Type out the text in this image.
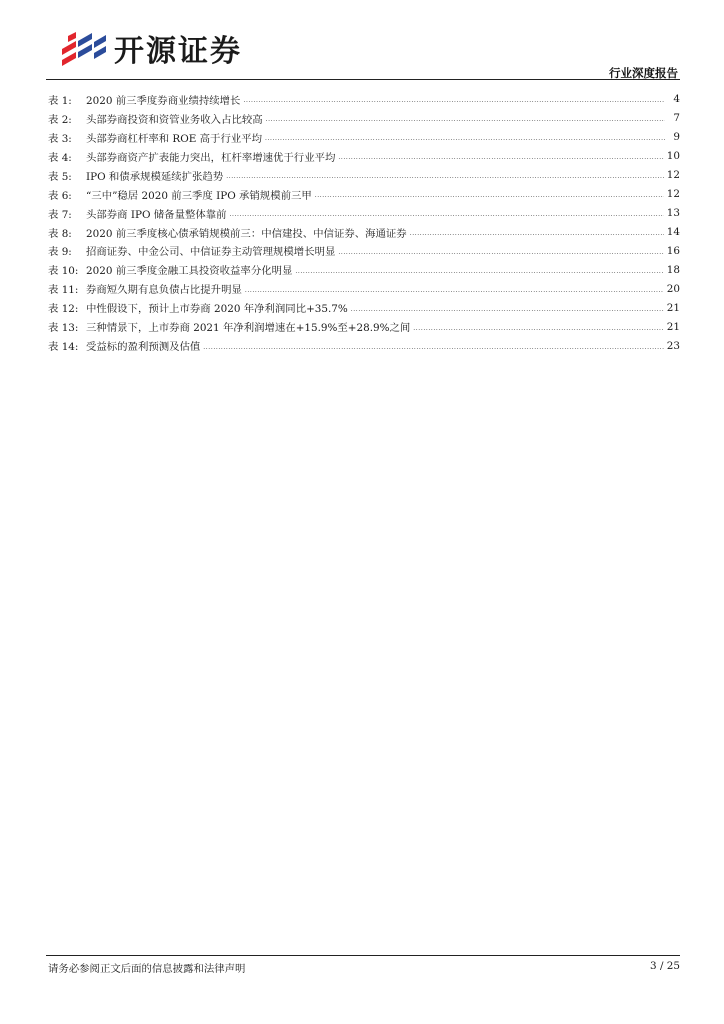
开源证券
行业深度报告
表 1:	2020 前三季度券商业绩持续增长 .....	4
表 2:	头部券商投资和资管业务收入占比较高 .....	7
表 3:	头部券商杠杆率和 ROE 高于行业平均 .....	9
表 4:	头部券商资产扩表能力突出，杠杆率增速优于行业平均 .....	10
表 5:	IPO 和债承规模延续扩张趋势 .....	12
表 6:	“三中”稳居 2020 前三季度 IPO 承销规模前三甲 .....	12
表 7:	头部券商 IPO 储备量整体靠前 .....	13
表 8:	2020 前三季度核心债承销规模前三：中信建投、中信证券、海通证券 .....	14
表 9:	招商证券、中金公司、中信证券主动管理规模增长明显 .....	16
表 10: 2020 前三季度金融工具投资收益率分化明显 .....	18
表 11: 券商短久期有息负债占比提升明显 .....	20
表 12: 中性假设下，预计上市券商 2020 年净利润同比+35.7% .....	21
表 13: 三种情景下，上市券商 2021 年净利润增速在+15.9%至+28.9%之间 .....	21
表 14: 受益标的盈利预测及估值 .....	23
请务必参阅正文后面的信息披露和法律声明	3 / 25
